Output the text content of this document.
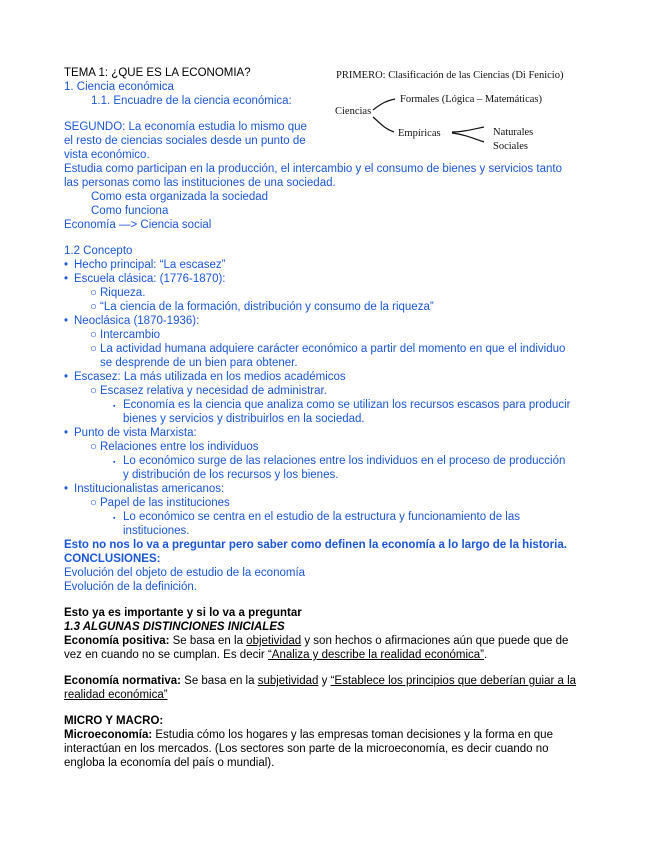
TEMA 1: ¿QUE ES LA ECONOMIA?
1. Ciencia económica
1.1. Encuadre de la ciencia económica:
PRIMERO: Clasificación de las Ciencias (Di Fenicio)
Ciencias
Formales (Lógica – Matemáticas)
Empíricas	Naturales
Sociales
SEGUNDO: La economía estudia lo mismo que
el resto de ciencias sociales desde un punto de
vista económico.
Estudia como participan en la producción, el intercambio y el consumo de bienes y servicios tanto
las personas como las instituciones de una sociedad.
Como esta organizada la sociedad
Como funciona
Economía —> Ciencia social
1.2 Concepto
• Hecho principal: “La escasez”
• Escuela clásica: (1776-1870):
○ Riqueza.
○ “La ciencia de la formación, distribución y consumo de la riqueza”
• Neoclásica (1870-1936):
○ Intercambio
○ La actividad humana adquiere carácter económico a partir del momento en que el individuo
se desprende de un bien para obtener.
• Escasez: La más utilizada en los medios académicos
○ Escasez relativa y necesidad de administrar.
▪ Economía es la ciencia que analiza como se utilizan los recursos escasos para producir
bienes y servicios y distribuirlos en la sociedad.
• Punto de vista Marxista:
○ Relaciones entre los individuos
▪ Lo económico surge de las relaciones entre los individuos en el proceso de producción
y distribución de los recursos y los bienes.
• Institucionalistas americanos:
○ Papel de las instituciones
▪ Lo económico se centra en el estudio de la estructura y funcionamiento de las
instituciones.
Esto no nos lo va a preguntar pero saber como definen la economía a lo largo de la historia.
CONCLUSIONES:
Evolución del objeto de estudio de la economía
Evolución de la definición.
Esto ya es importante y si lo va a preguntar
1.3 ALGUNAS DISTINCIONES INICIALES
Economía positiva: Se basa en la objetividad y son hechos o afirmaciones aún que puede que de
vez en cuando no se cumplan. Es decir “Analiza y describe la realidad económica”.
Economía normativa: Se basa en la subjetividad y “Establece los principios que deberían guiar a la
realidad económica”
MICRO Y MACRO:
Microeconomía: Estudia cómo los hogares y las empresas toman decisiones y la forma en que
interactúan en los mercados. (Los sectores son parte de la microeconomía, es decir cuando no
engloba la economía del país o mundial).
